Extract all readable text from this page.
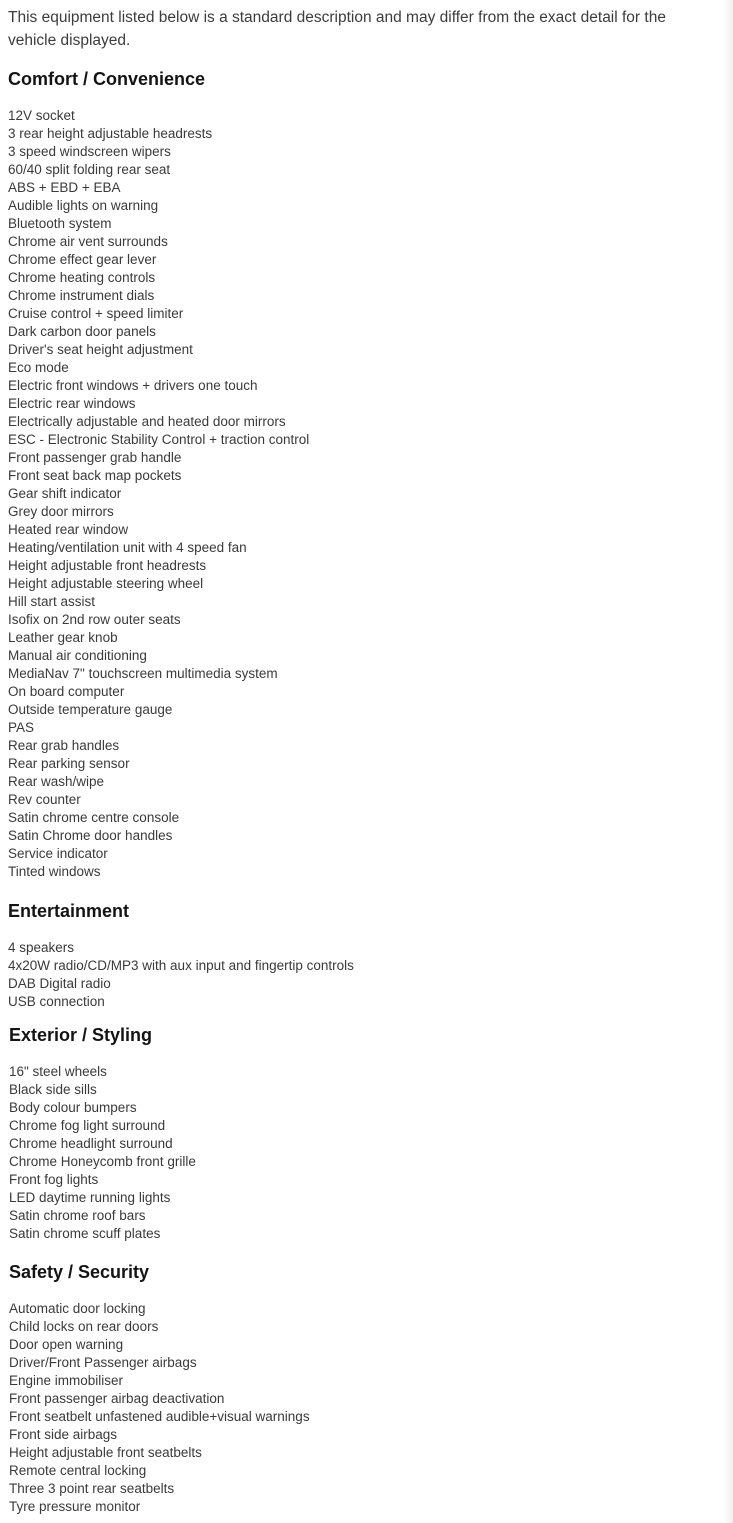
This equipment listed below is a standard description and may differ from the exact detail for the vehicle displayed.
Comfort / Convenience
12V socket
3 rear height adjustable headrests
3 speed windscreen wipers
60/40 split folding rear seat
ABS + EBD + EBA
Audible lights on warning
Bluetooth system
Chrome air vent surrounds
Chrome effect gear lever
Chrome heating controls
Chrome instrument dials
Cruise control + speed limiter
Dark carbon door panels
Driver's seat height adjustment
Eco mode
Electric front windows + drivers one touch
Electric rear windows
Electrically adjustable and heated door mirrors
ESC - Electronic Stability Control + traction control
Front passenger grab handle
Front seat back map pockets
Gear shift indicator
Grey door mirrors
Heated rear window
Heating/ventilation unit with 4 speed fan
Height adjustable front headrests
Height adjustable steering wheel
Hill start assist
Isofix on 2nd row outer seats
Leather gear knob
Manual air conditioning
MediaNav 7" touchscreen multimedia system
On board computer
Outside temperature gauge
PAS
Rear grab handles
Rear parking sensor
Rear wash/wipe
Rev counter
Satin chrome centre console
Satin Chrome door handles
Service indicator
Tinted windows
Entertainment
4 speakers
4x20W radio/CD/MP3 with aux input and fingertip controls
DAB Digital radio
USB connection
Exterior / Styling
16" steel wheels
Black side sills
Body colour bumpers
Chrome fog light surround
Chrome headlight surround
Chrome Honeycomb front grille
Front fog lights
LED daytime running lights
Satin chrome roof bars
Satin chrome scuff plates
Safety / Security
Automatic door locking
Child locks on rear doors
Door open warning
Driver/Front Passenger airbags
Engine immobiliser
Front passenger airbag deactivation
Front seatbelt unfastened audible+visual warnings
Front side airbags
Height adjustable front seatbelts
Remote central locking
Three 3 point rear seatbelts
Tyre pressure monitor
